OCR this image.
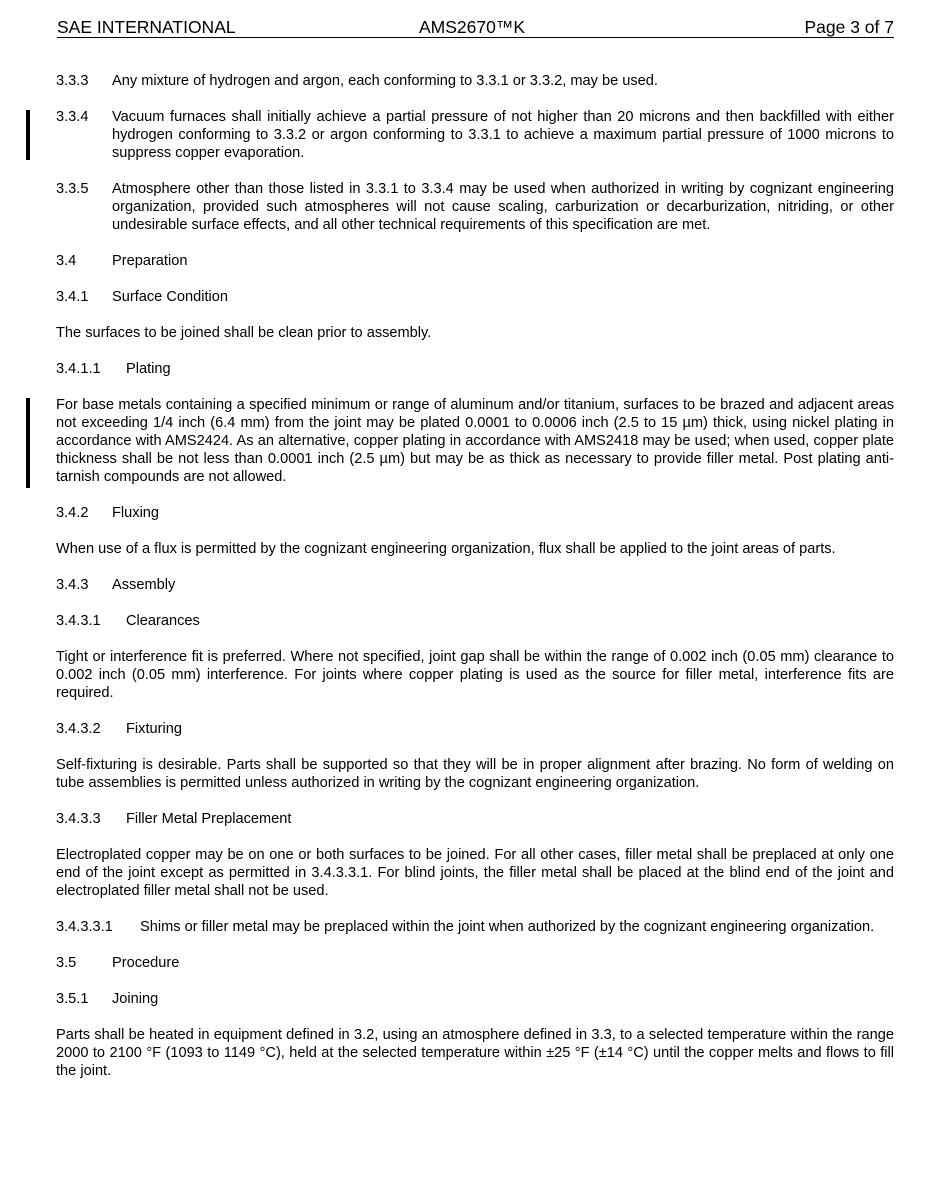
SAE INTERNATIONAL	AMS2670™K	Page 3 of 7
3.3.3	Any mixture of hydrogen and argon, each conforming to 3.3.1 or 3.3.2, may be used.
3.3.4	Vacuum furnaces shall initially achieve a partial pressure of not higher than 20 microns and then backfilled with either hydrogen conforming to 3.3.2 or argon conforming to 3.3.1 to achieve a maximum partial pressure of 1000 microns to suppress copper evaporation.
3.3.5	Atmosphere other than those listed in 3.3.1 to 3.3.4 may be used when authorized in writing by cognizant engineering organization, provided such atmospheres will not cause scaling, carburization or decarburization, nitriding, or other undesirable surface effects, and all other technical requirements of this specification are met.
3.4 Preparation
3.4.1 Surface Condition
The surfaces to be joined shall be clean prior to assembly.
3.4.1.1 Plating
For base metals containing a specified minimum or range of aluminum and/or titanium, surfaces to be brazed and adjacent areas not exceeding 1/4 inch (6.4 mm) from the joint may be plated 0.0001 to 0.0006 inch (2.5 to 15 µm) thick, using nickel plating in accordance with AMS2424. As an alternative, copper plating in accordance with AMS2418 may be used; when used, copper plate thickness shall be not less than 0.0001 inch (2.5 µm) but may be as thick as necessary to provide filler metal. Post plating anti-tarnish compounds are not allowed.
3.4.2 Fluxing
When use of a flux is permitted by the cognizant engineering organization, flux shall be applied to the joint areas of parts.
3.4.3 Assembly
3.4.3.1 Clearances
Tight or interference fit is preferred. Where not specified, joint gap shall be within the range of 0.002 inch (0.05 mm) clearance to 0.002 inch (0.05 mm) interference. For joints where copper plating is used as the source for filler metal, interference fits are required.
3.4.3.2 Fixturing
Self-fixturing is desirable. Parts shall be supported so that they will be in proper alignment after brazing. No form of welding on tube assemblies is permitted unless authorized in writing by the cognizant engineering organization.
3.4.3.3 Filler Metal Preplacement
Electroplated copper may be on one or both surfaces to be joined. For all other cases, filler metal shall be preplaced at only one end of the joint except as permitted in 3.4.3.3.1. For blind joints, the filler metal shall be placed at the blind end of the joint and electroplated filler metal shall not be used.
3.4.3.3.1	Shims or filler metal may be preplaced within the joint when authorized by the cognizant engineering organization.
3.5 Procedure
3.5.1 Joining
Parts shall be heated in equipment defined in 3.2, using an atmosphere defined in 3.3, to a selected temperature within the range 2000 to 2100 °F (1093 to 1149 °C), held at the selected temperature within ±25 °F (±14 °C) until the copper melts and flows to fill the joint.
